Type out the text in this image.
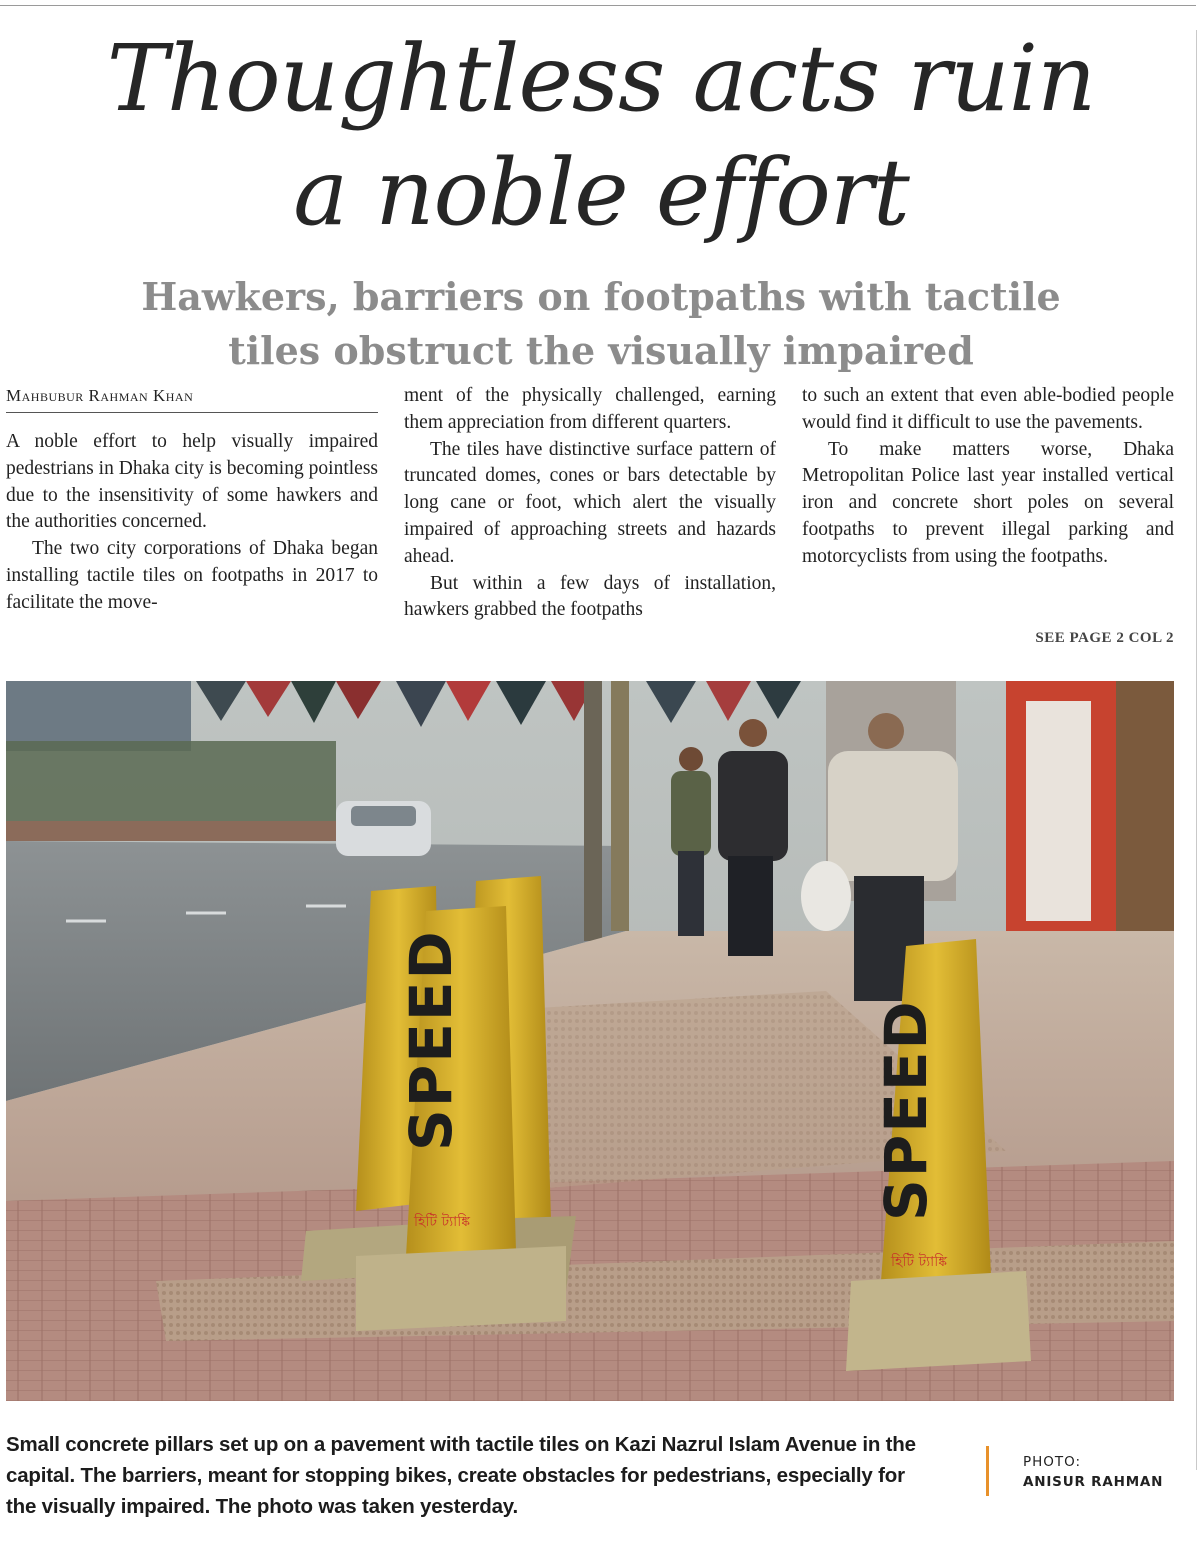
Thoughtless acts ruin
a noble effort
Hawkers, barriers on footpaths with tactile
tiles obstruct the visually impaired
Mahbubur Rahman Khan

A noble effort to help visually impaired pedestrians in Dhaka city is becoming pointless due to the insensitivity of some hawkers and the authorities concerned.

The two city corporations of Dhaka began installing tactile tiles on footpaths in 2017 to facilitate the move-

ment of the physically challenged, earning them appreciation from different quarters.

The tiles have distinctive surface pattern of truncated domes, cones or bars detectable by long cane or foot, which alert the visually impaired of approaching streets and hazards ahead.

But within a few days of installation, hawkers grabbed the footpaths

to such an extent that even able-bodied people would find it difficult to use the pavements.

To make matters worse, Dhaka Metropolitan Police last year installed vertical iron and concrete short poles on several footpaths to prevent illegal parking and motorcyclists from using the footpaths.

SEE PAGE 2 COL 2
SPEED	SPEED
হিটি ট্যাঙ্কি
হিটি ট্যাঙ্কি
Small concrete pillars set up on a pavement with tactile tiles on Kazi Nazrul Islam Avenue in the capital. The barriers, meant for stopping bikes, create obstacles for pedestrians, especially for the visually impaired. The photo was taken yesterday.
PHOTO:
ANISUR RAHMAN
